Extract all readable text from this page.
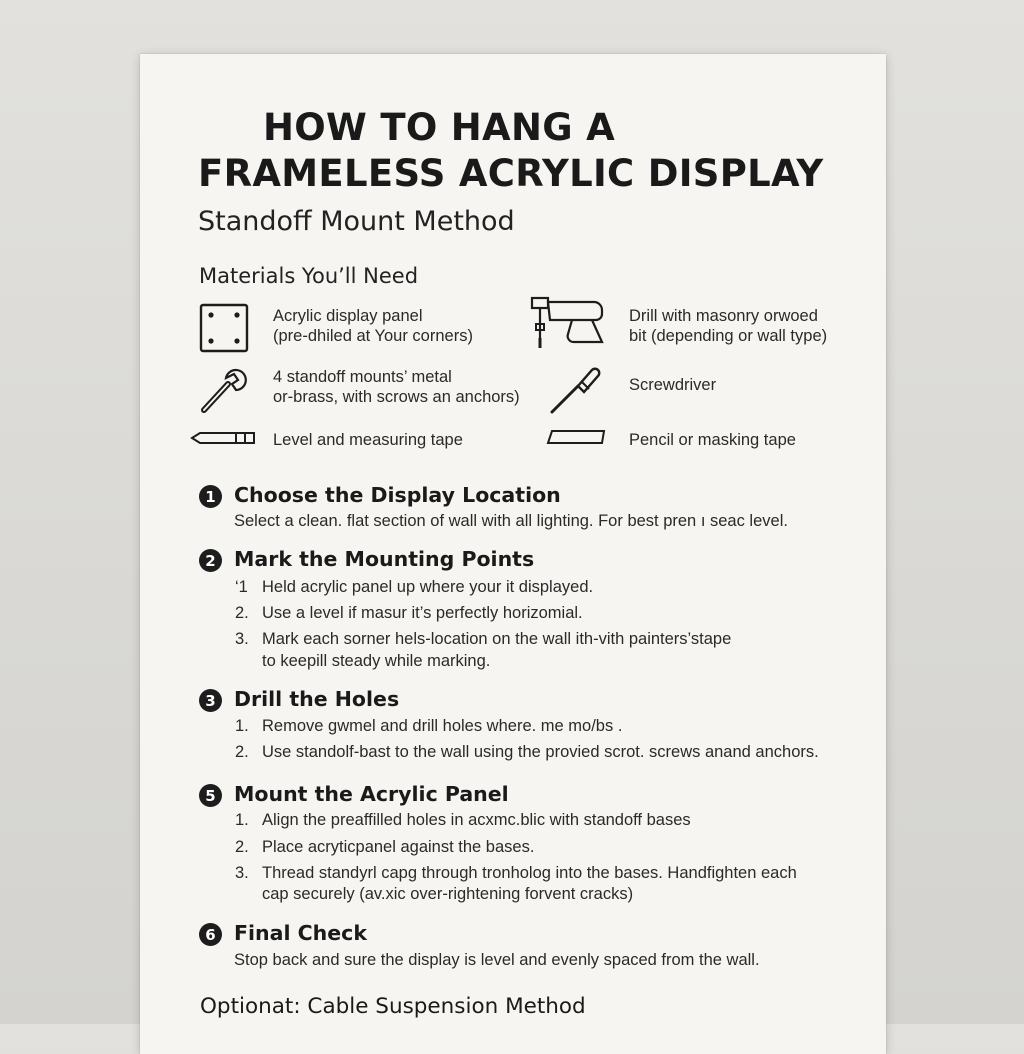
HOW TO HANG A
FRAMELESS ACRYLIC DISPLAY
Standoff Mount Method
Materials You’ll Need
Acrylic display panel
(pre-dhiled at Your corners)
Drill with masonry orwoed
bit (depending or wall type)
4 standoff mounts’ metal
or-brass, with scrows an anchors)
Screwdriver
Level and measuring tape	Pencil or masking tape
1 Choose the Display Location
Select a clean. flat section of wall with all lighting. For best pren ı seac level.
2 Mark the Mounting Points
‘1 Held acrylic panel up where your it displayed.
2. Use a level if masur it’s perfectly horizomial.
3. Mark each sorner hels-location on the wall ith-vith painters’stape
to keepill steady while marking.
3 Drill the Holes
1. Remove gwmel and drill holes where. me mo/bs .
2. Use standolf-bast to the wall using the provied scrot. screws anand anchors.
5 Mount the Acrylic Panel
1. Align the preaffilled holes in acxmc.blic with standoff bases
2. Place acryticpanel against the bases.
3. Thread standyrl capg through tronholog into the bases. Handfighten each
cap securely (av.xic over-rightening forvent cracks)
6 Final Check
Stop back and sure the display is level and evenly spaced from the wall.
Optionat: Cable Suspension Method
